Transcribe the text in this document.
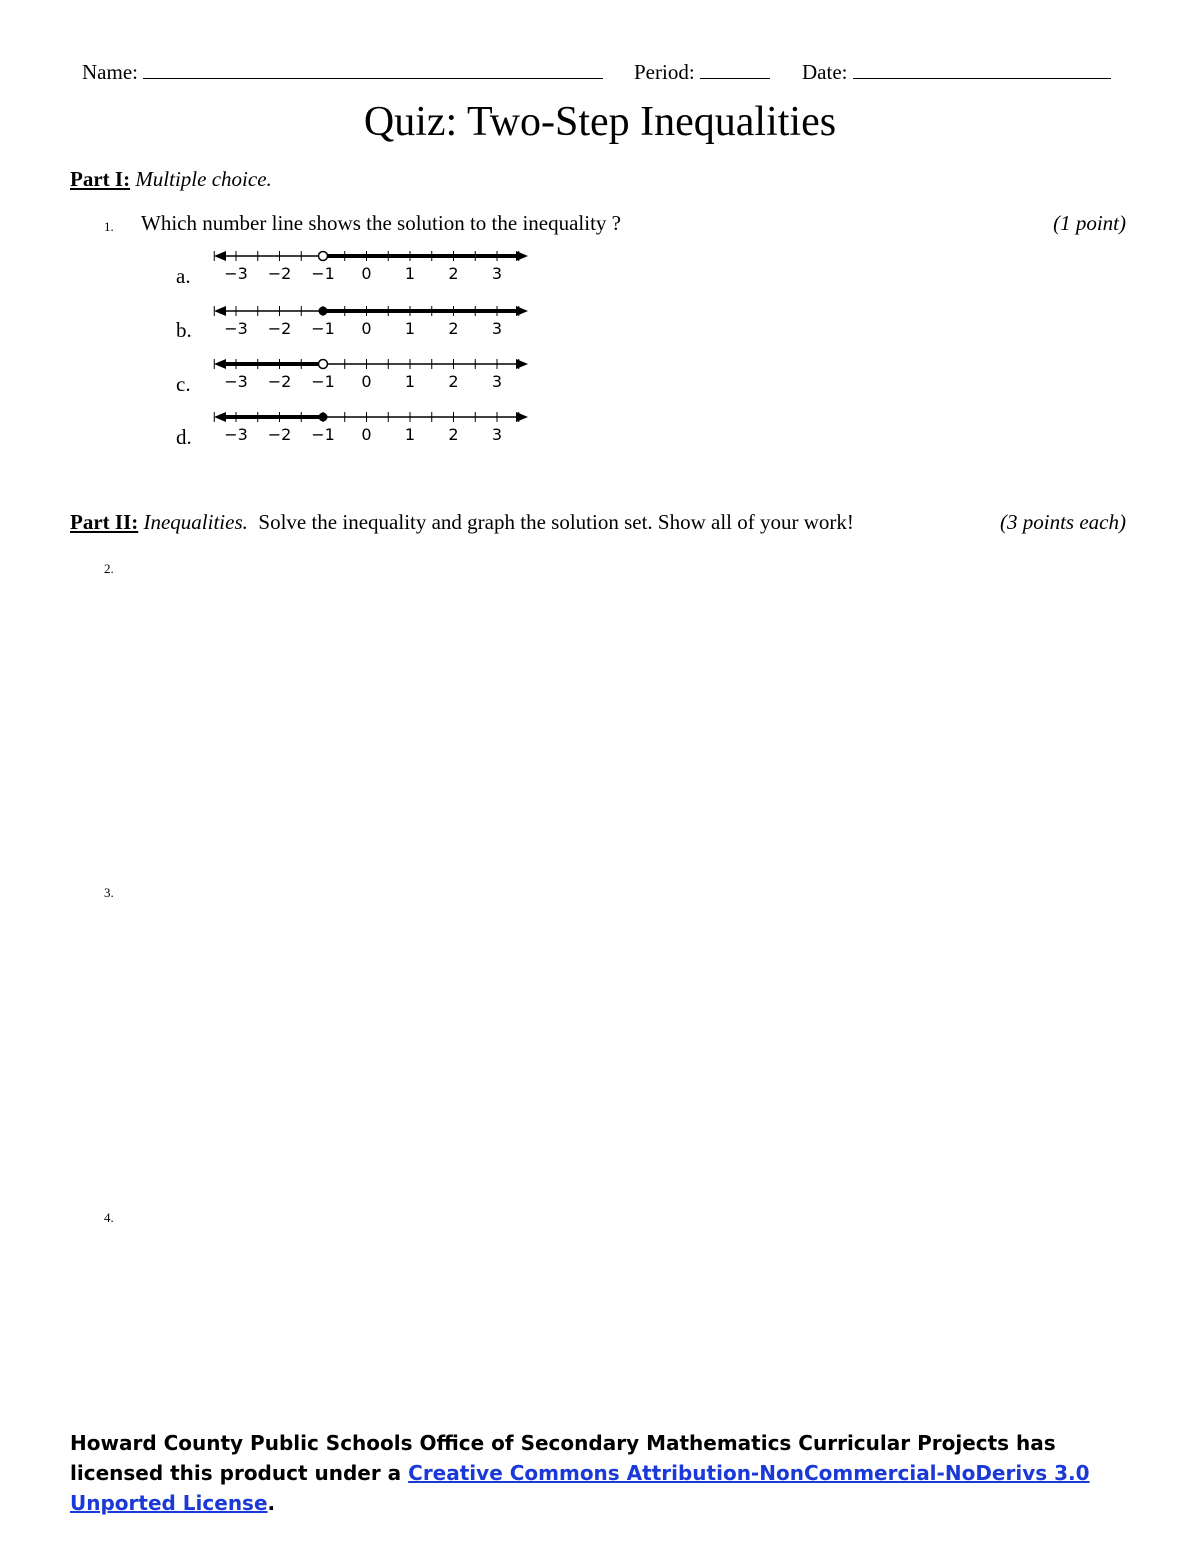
Name:	Period:	Date:
Quiz: Two-Step Inequalities
Part I: Multiple choice.
1. Which number line shows the solution to the inequality ?	(1 point)
a. −3 −2 −1 0 1 2 3
b. −3 −2 −1 0 1 2 3
c. −3 −2 −1 0 1 2 3
d. −3 −2 −1 0 1 2 3
Part II: Inequalities. Solve the inequality and graph the solution set. Show all of your work!	(3 points each)
2.
3.
4.
Howard County Public Schools Office of Secondary Mathematics Curricular Projects has licensed this product under a Creative Commons Attribution-NonCommercial-NoDerivs 3.0 Unported License.
